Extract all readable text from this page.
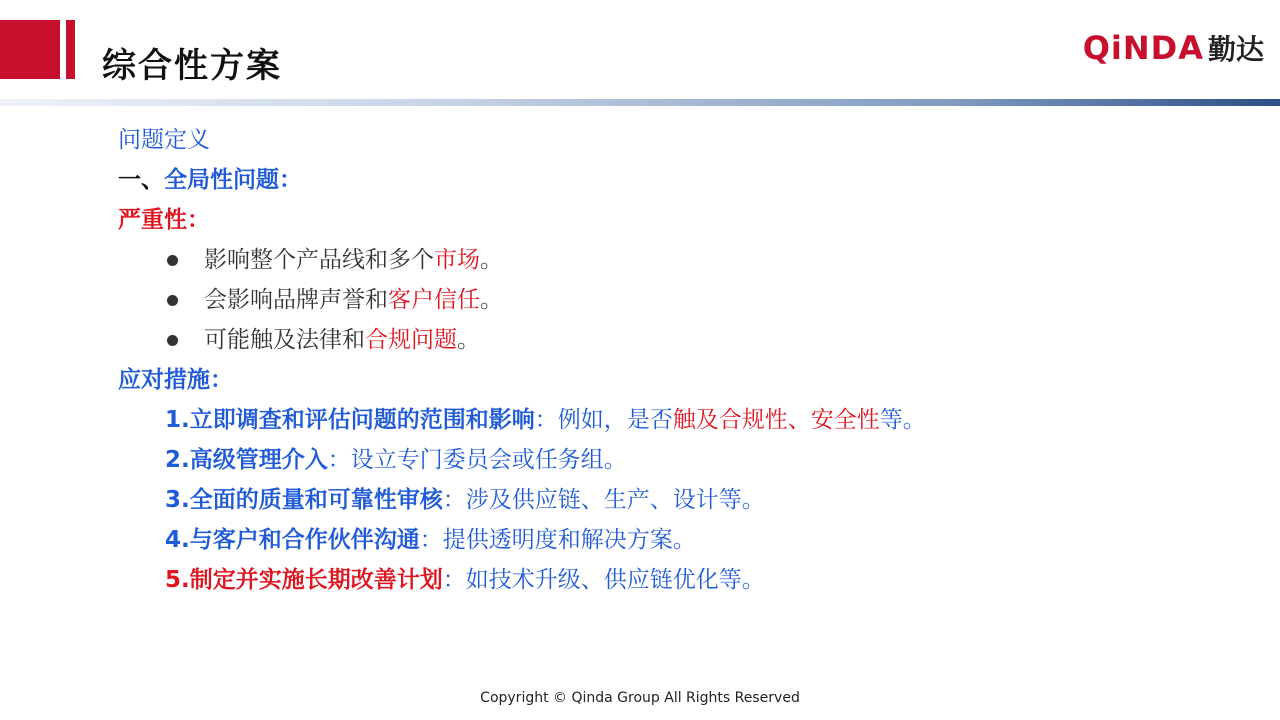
综合性方案	QiNDA 勤达
问题定义
一、全局性问题：
严重性：
影响整个产品线和多个市场。
会影响品牌声誉和客户信任。
可能触及法律和合规问题。
应对措施：
1.立即调查和评估问题的范围和影响：例如，是否触及合规性、安全性等。
2.高级管理介入：设立专门委员会或任务组。
3.全面的质量和可靠性审核：涉及供应链、生产、设计等。
4.与客户和合作伙伴沟通：提供透明度和解决方案。
5.制定并实施长期改善计划：如技术升级、供应链优化等。
Copyright © Qinda Group All Rights Reserved
